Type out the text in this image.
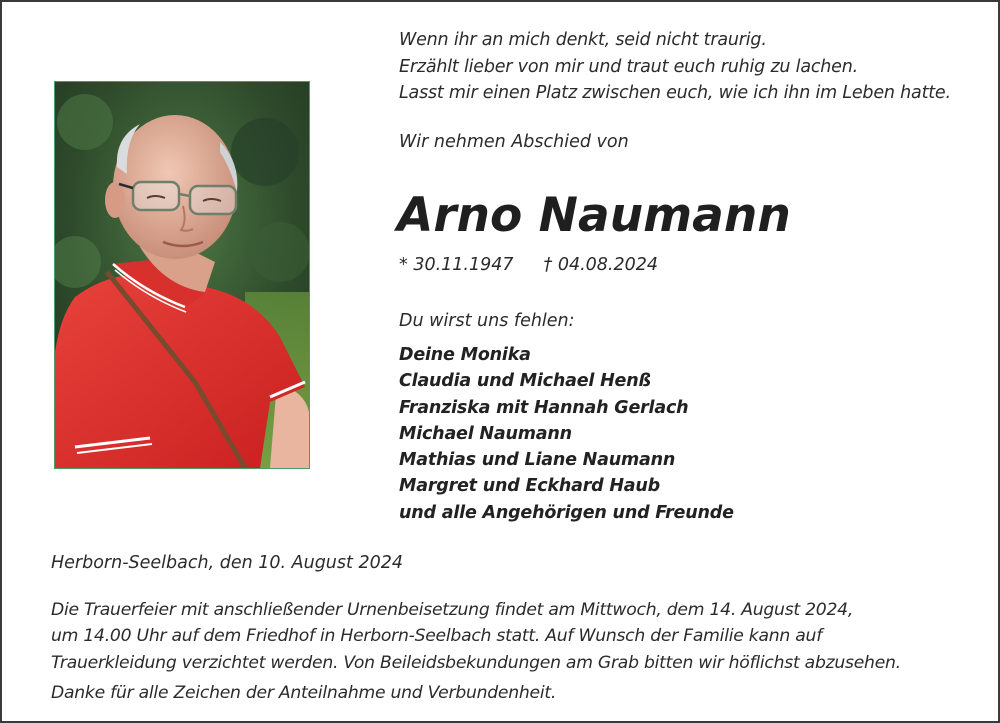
Wenn ihr an mich denkt, seid nicht traurig.
Erzählt lieber von mir und traut euch ruhig zu lachen.
Lasst mir einen Platz zwischen euch, wie ich ihn im Leben hatte.
Wir nehmen Abschied von
Arno Naumann
* 30.11.1947 † 04.08.2024
Du wirst uns fehlen:
Deine Monika
Claudia und Michael Henß
Franziska mit Hannah Gerlach
Michael Naumann
Mathias und Liane Naumann
Margret und Eckhard Haub
und alle Angehörigen und Freunde
Herborn-Seelbach, den 10. August 2024
Die Trauerfeier mit anschließender Urnenbeisetzung findet am Mittwoch, dem 14. August 2024,
um 14.00 Uhr auf dem Friedhof in Herborn-Seelbach statt. Auf Wunsch der Familie kann auf
Trauerkleidung verzichtet werden. Von Beileidsbekundungen am Grab bitten wir höflichst abzusehen.
Danke für alle Zeichen der Anteilnahme und Verbundenheit.
